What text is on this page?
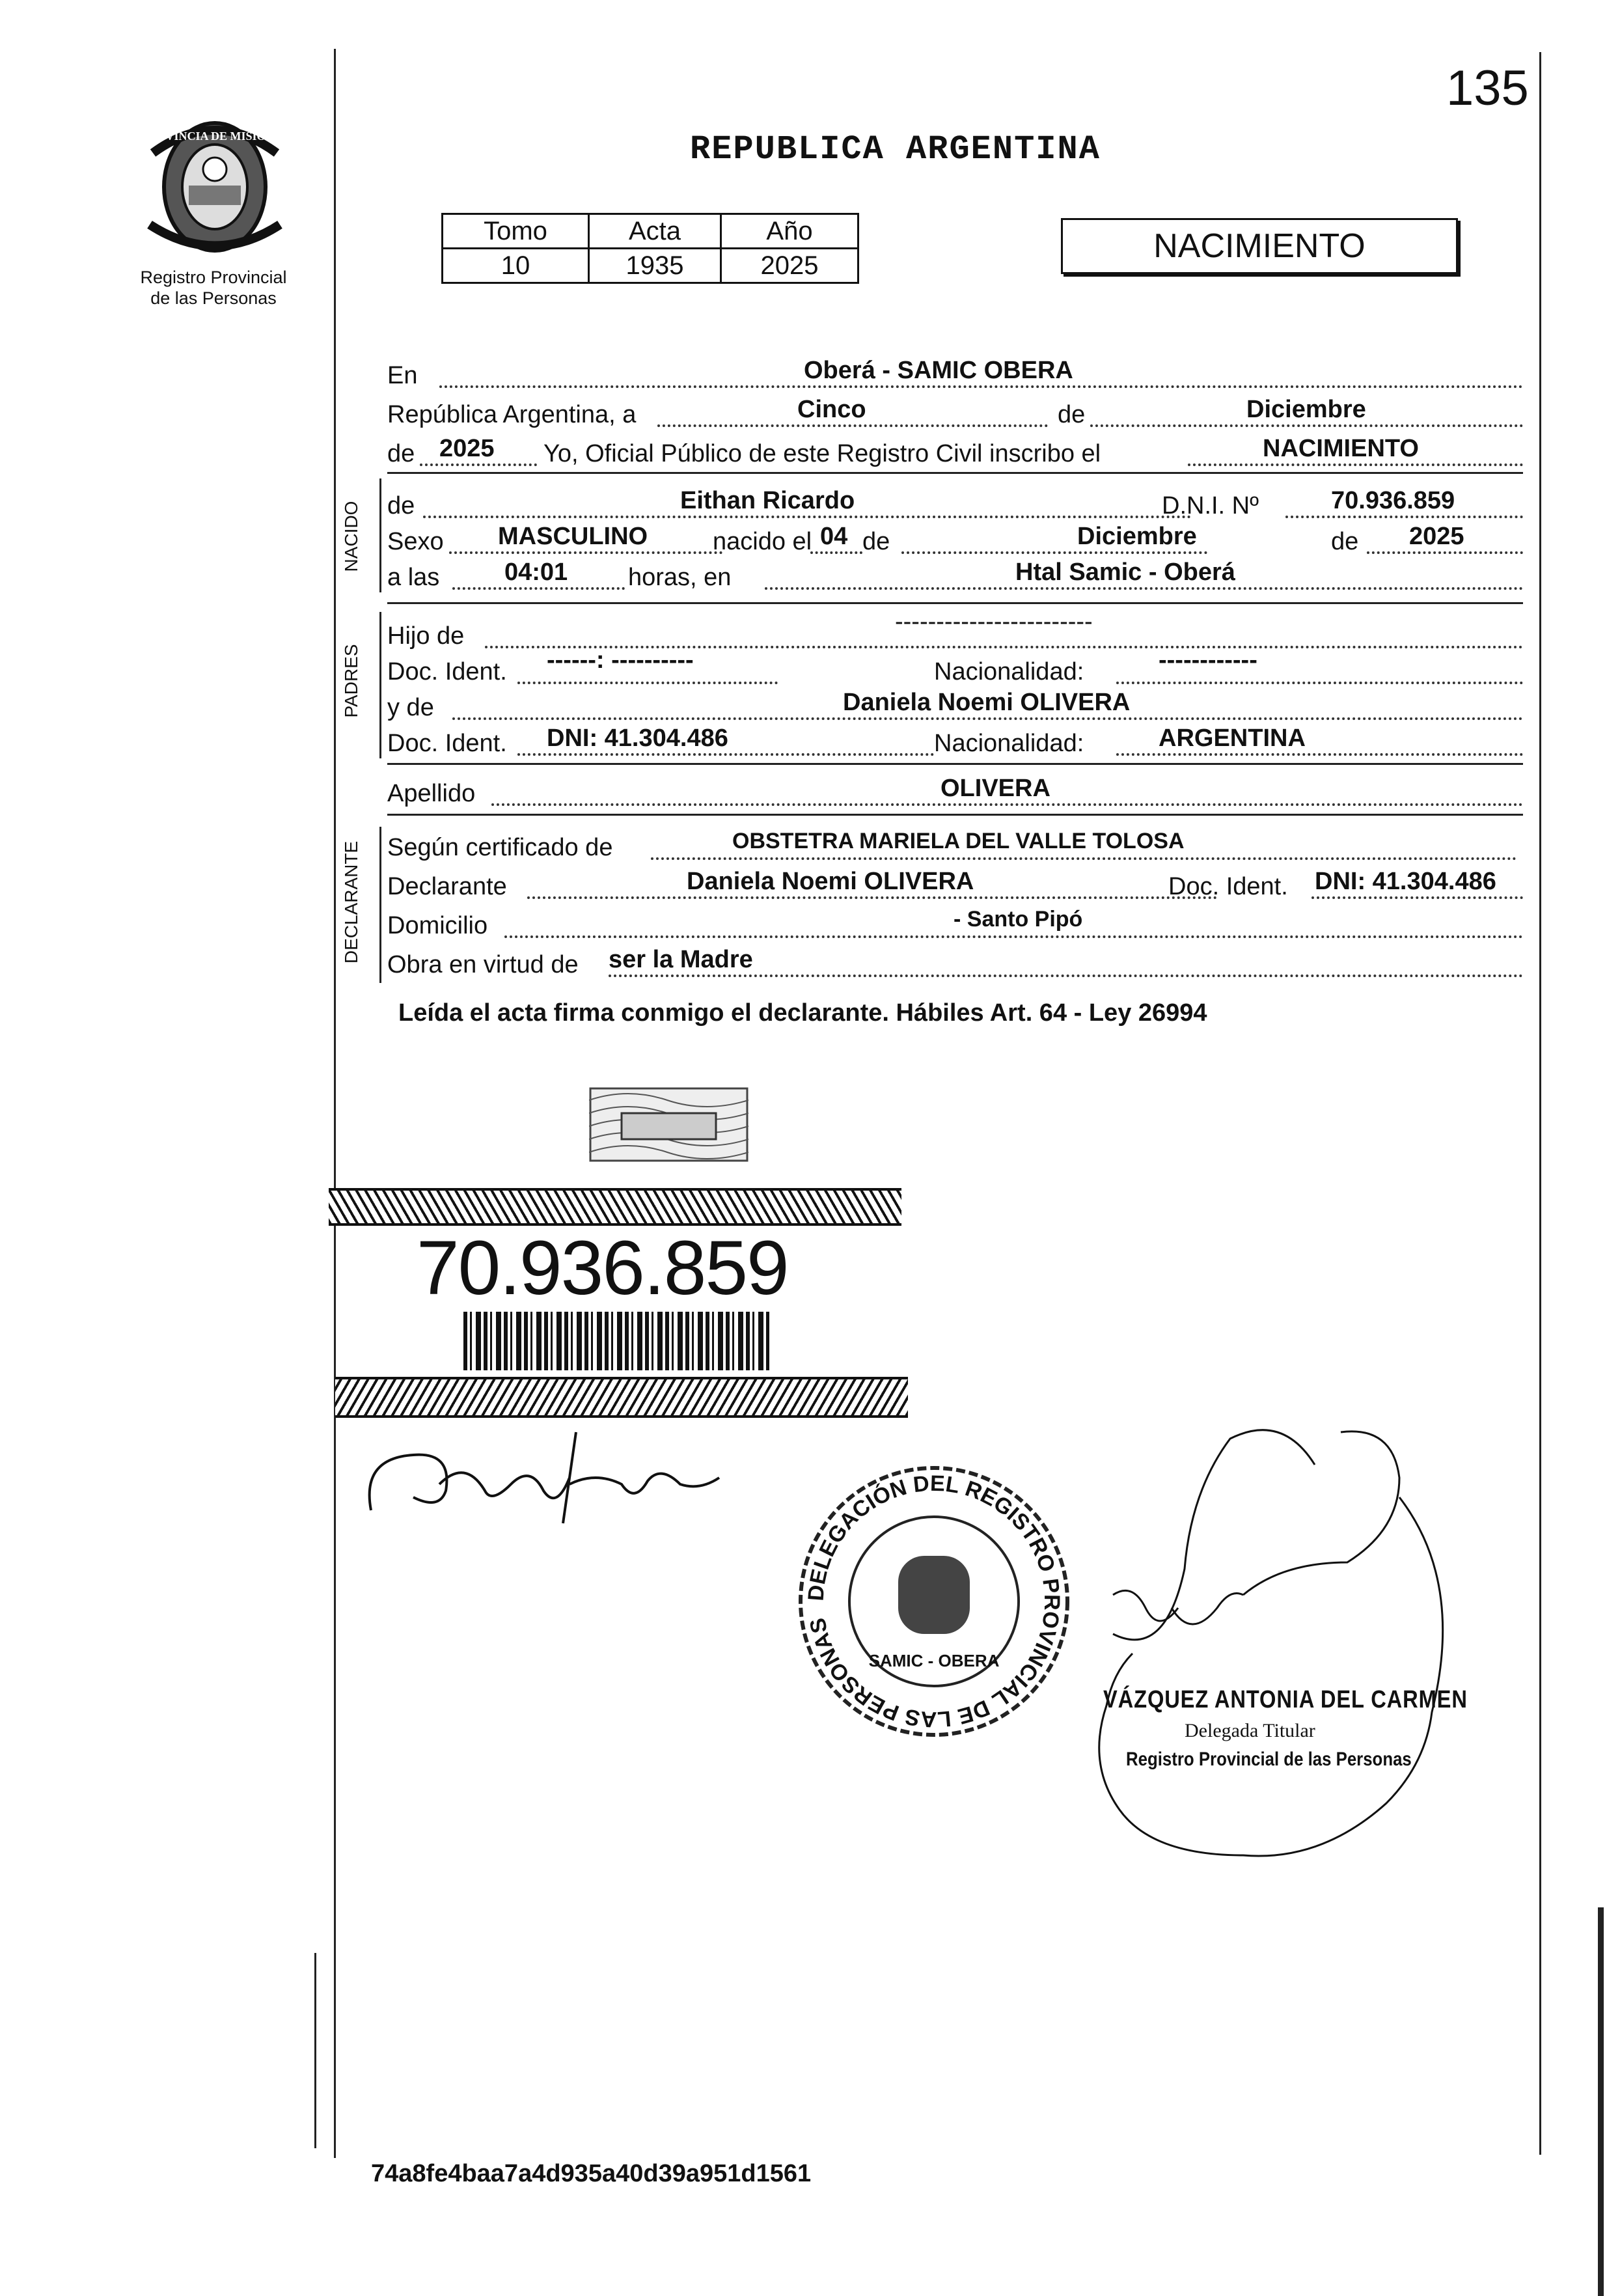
135
PROVINCIA DE MISIONES
Registro Provincial
de las Personas
REPUBLICA ARGENTINA
Tomo	Acta	Año
10	1935	2025
NACIMIENTO
En	Oberá - SAMIC OBERA
República Argentina, a	Cinco	de	Diciembre
de 2025 Yo, Oficial Público de este Registro Civil inscribo el	NACIMIENTO
NACIDO de	Eithan Ricardo	D.N.I. Nº	70.936.859
Sexo MASCULINO	nacido el 04 de	Diciembre	de 2025
a las	04:01 horas, en	Htal Samic - Oberá
PADRES
Hijo de
------------------------
Doc. Ident. ------: ----------	Nacionalidad:	------------
y de	Daniela Noemi OLIVERA
Doc. Ident. DNI: 41.304.486	Nacionalidad:	ARGENTINA
Apellido	OLIVERA
DECLARANTE Según certificado de	OBSTETRA MARIELA DEL VALLE TOLOSA
Declarante	Daniela Noemi OLIVERA	Doc. Ident. DNI: 41.304.486
Domicilio	- Santo Pipó
Obra en virtud de ser la Madre
Leída el acta firma conmigo el declarante. Hábiles Art. 64 - Ley 26994
70.936.859
DELEGACIÓN DEL REGISTRO PROVINCIAL DE LAS PERSONAS
SAMIC - OBERA
VÁZQUEZ ANTONIA DEL CARMEN
Delegada Titular
Registro Provincial de las Personas
74a8fe4baa7a4d935a40d39a951d1561
